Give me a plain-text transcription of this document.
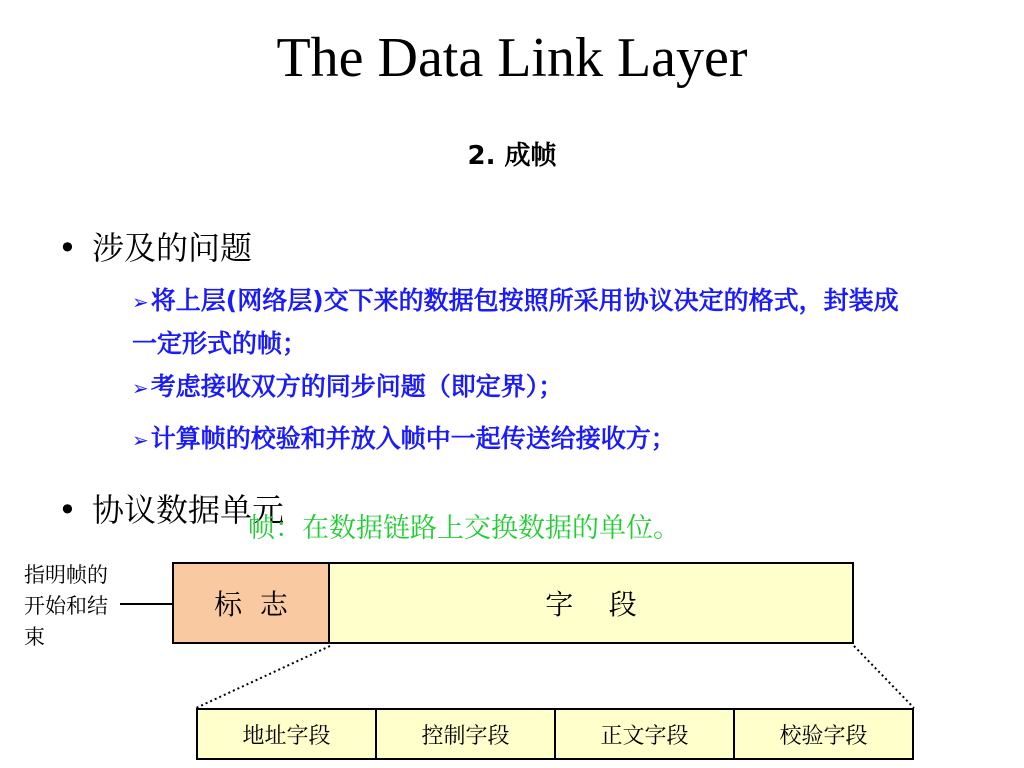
The Data Link Layer
2. 成帧
• 涉及的问题
➢将上层(网络层)交下来的数据包按照所采用协议决定的格式，封装成一定形式的帧；
➢考虑接收双方的同步问题（即定界）；
➢计算帧的校验和并放入帧中一起传送给接收方；
• 协议数据单元
帧：在数据链路上交换数据的单位。
指明帧的开始和结束
标  志	字    段
地址字段	控制字段	正文字段	校验字段
